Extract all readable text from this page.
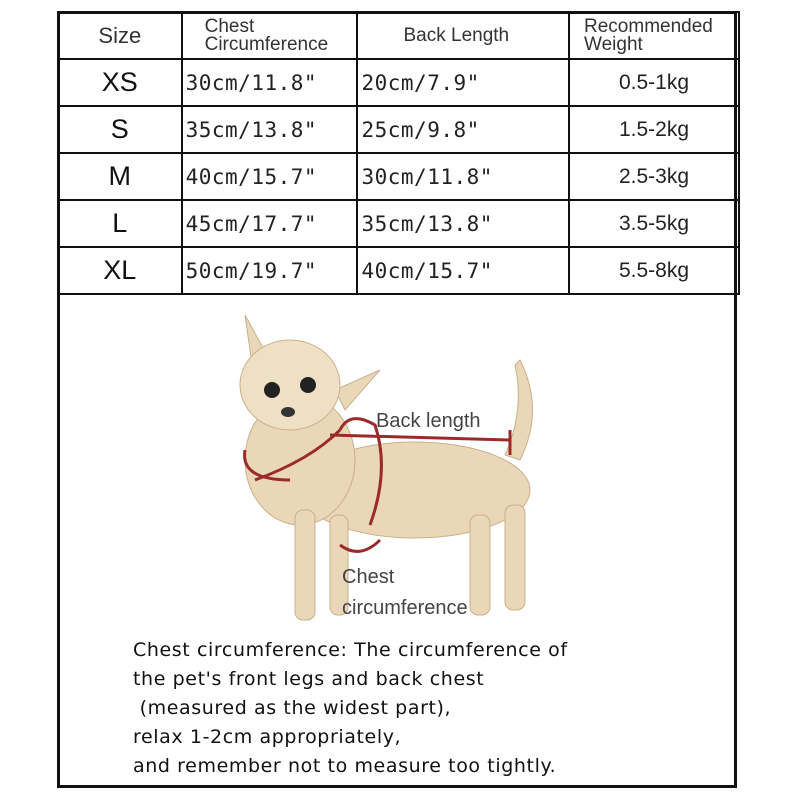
Size	Chest Circumference	Back Length	Recommended Weight
XS	30cm/11.8"	20cm/7.9"	0.5-1kg
S	35cm/13.8"	25cm/9.8"	1.5-2kg
M	40cm/15.7"	30cm/11.8"	2.5-3kg
L	45cm/17.7"	35cm/13.8"	3.5-5kg
XL	50cm/19.7"	40cm/15.7"	5.5-8kg
Back length
Chest
circumference
Chest circumference: The circumference of
the pet's front legs and back chest
(measured as the widest part),
relax 1-2cm appropriately,
and remember not to measure too tightly.
